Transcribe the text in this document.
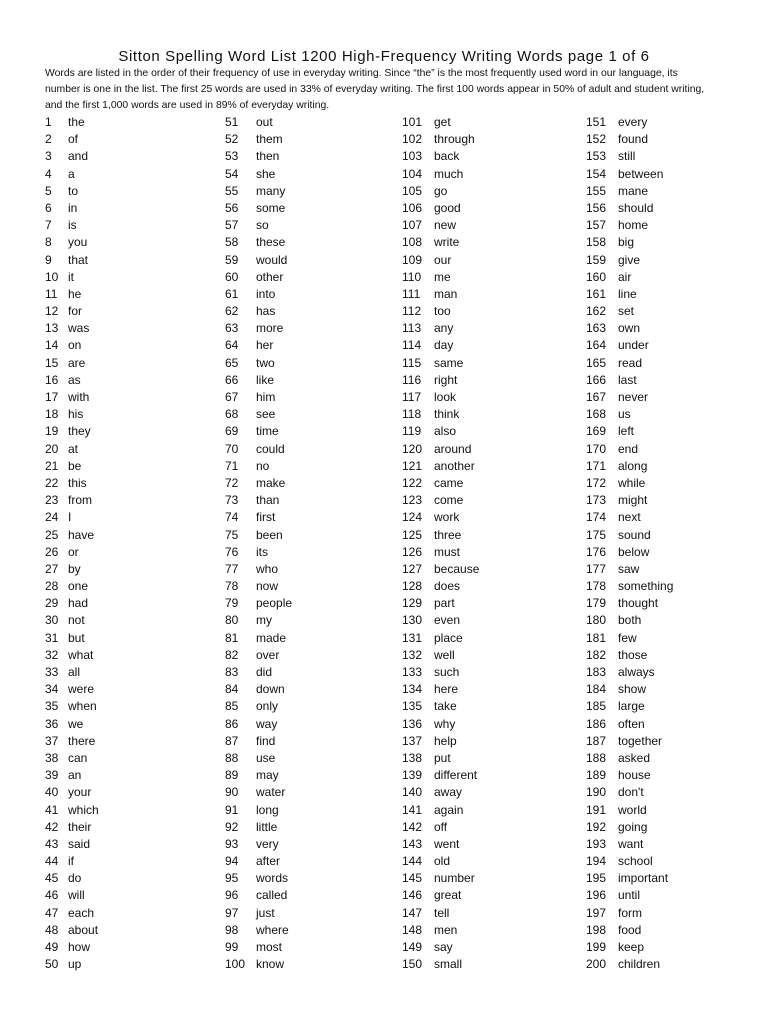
Sitton Spelling Word List 1200 High-Frequency Writing Words page 1 of 6

Words are listed in the order of their frequency of use in everyday writing. Since “the” is the most frequently used word in our language, its

number is one in the list. The first 25 words are used in 33% of everyday writing. The first 100 words appear in 50% of adult and student writing,

and the first 1,000 words are used in 89% of everyday writing.

1 the
2 of
3 and
4 a
5 to
6 in
7 is
8 you
9 that
10 it
11 he
12 for
13 was
14 on
15 are
16 as
17 with
18 his
19 they
20 at
21 be
22 this
23 from
24 I
25 have
26 or
27 by
28 one
29 had
30 not
31 but
32 what
33 all
34 were
35 when
36 we
37 there
38 can
39 an
40 your
41 which
42 their
43 said
44 if
45 do
46 will
47 each
48 about
49 how
50 up
51 out
52 them
53 then
54 she
55 many
56 some
57 so
58 these
59 would
60 other
61 into
62 has
63 more
64 her
65 two
66 like
67 him
68 see
69 time
70 could
71 no
72 make
73 than
74 first
75 been
76 its
77 who
78 now
79 people
80 my
81 made
82 over
83 did
84 down
85 only
86 way
87 find
88 use
89 may
90 water
91 long
92 little
93 very
94 after
95 words
96 called
97 just
98 where
99 most
100 know
101 get
102 through
103 back
104 much
105 go
106 good
107 new
108 write
109 our
110 me
111 man
112 too
113 any
114 day
115 same
116 right
117 look
118 think
119 also
120 around
121 another
122 came
123 come
124 work
125 three
126 must
127 because
128 does
129 part
130 even
131 place
132 well
133 such
134 here
135 take
136 why
137 help
138 put
139 different
140 away
141 again
142 off
143 went
144 old
145 number
146 great
147 tell
148 men
149 say
150 small
151 every
152 found
153 still
154 between
155 mane
156 should
157 home
158 big
159 give
160 air
161 line
162 set
163 own
164 under
165 read
166 last
167 never
168 us
169 left
170 end
171 along
172 while
173 might
174 next
175 sound
176 below
177 saw
178 something
179 thought
180 both
181 few
182 those
183 always
184 show
185 large
186 often
187 together
188 asked
189 house
190 don't
191 world
192 going
193 want
194 school
195 important
196 until
197 form
198 food
199 keep
200 children
